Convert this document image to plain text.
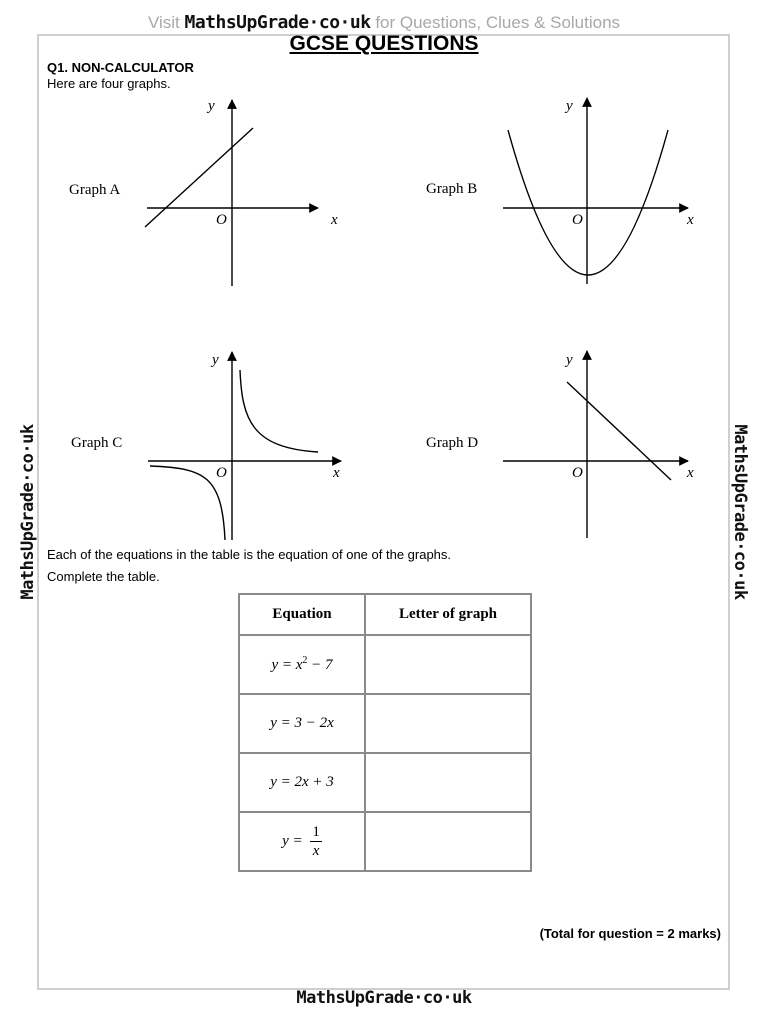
Visit MathsUpGrade·co·uk for Questions, Clues & Solutions
GCSE QUESTIONS
Q1. NON-CALCULATOR
Here are four graphs.
MathsUpGrade·co·uk	MathsUpGrade·co·uk
Graph A
y
x
O
Graph B
y
x
O
Graph C
y
x
O
Graph D
y
x
O
Each of the equations in the table is the equation of one of the graphs.
Complete the table.
Equation	Letter of graph
$y = x^2 - 7$	
y = 3 − 2x	
y = 2x + 3	
$y = \frac{1}{x}$

(Total for question = 2 marks)
MathsUpGrade·co·uk
